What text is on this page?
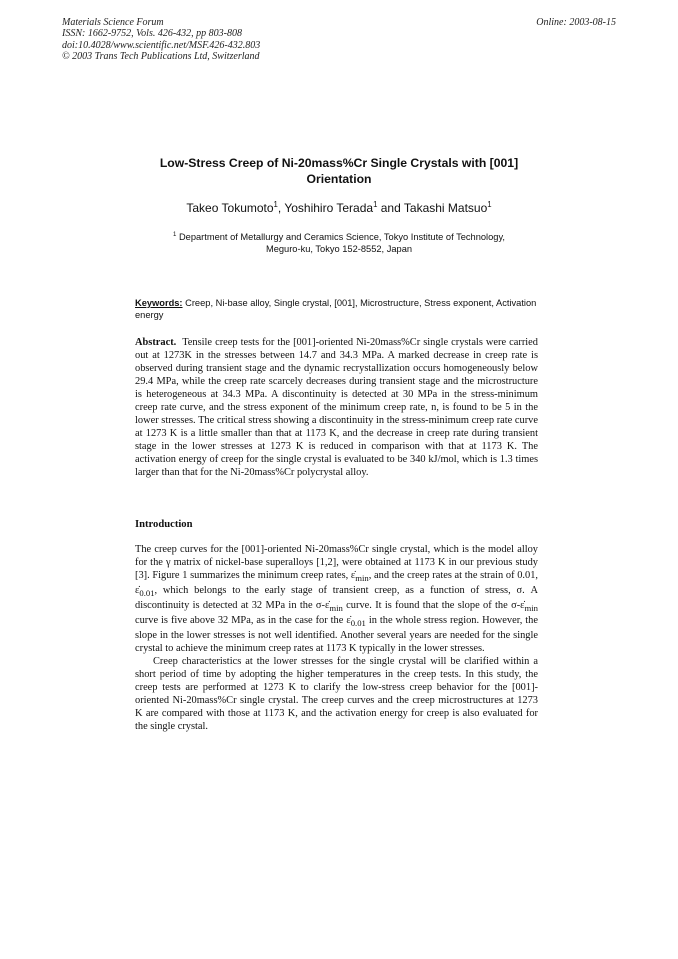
Materials Science Forum
ISSN: 1662-9752, Vols. 426-432, pp 803-808
doi:10.4028/www.scientific.net/MSF.426-432.803
© 2003 Trans Tech Publications Ltd, Switzerland
Online: 2003-08-15
Low-Stress Creep of Ni-20mass%Cr Single Crystals with [001]
Orientation
Takeo Tokumoto$^1$, Yoshihiro Terada$^1$ and Takashi Matsuo$^1$
$^1$ Department of Metallurgy and Ceramics Science, Tokyo Institute of Technology,
Meguro-ku, Tokyo 152-8552, Japan
Keywords: Creep, Ni-base alloy, Single crystal, [001], Microstructure, Stress exponent, Activation energy
Abstract. Tensile creep tests for the [001]-oriented Ni-20mass%Cr single crystals were carried out at 1273K in the stresses between 14.7 and 34.3 MPa. A marked decrease in creep rate is observed during transient stage and the dynamic recrystallization occurs homogeneously below 29.4 MPa, while the creep rate scarcely decreases during transient stage and the microstructure is heterogeneous at 34.3 MPa. A discontinuity is detected at 30 MPa in the stress-minimum creep rate curve, and the stress exponent of the minimum creep rate, n, is found to be 5 in the lower stresses. The critical stress showing a discontinuity in the stress-minimum creep rate curve at 1273 K is a little smaller than that at 1173 K, and the decrease in creep rate during transient stage in the lower stresses at 1273 K is reduced in comparison with that at 1173 K. The activation energy of creep for the single crystal is evaluated to be 340 kJ/mol, which is 1.3 times larger than that for the Ni-20mass%Cr polycrystal alloy.
Introduction

The creep curves for the [001]-oriented Ni-20mass%Cr single crystal, which is the model alloy for the γ matrix of nickel-base superalloys [1,2], were obtained at 1173 K in our previous study [3]. Figure 1 summarizes the minimum creep rates, $\varepsiloṅ_{min}$, and the creep rates at the strain of 0.01, $\varepsiloṅ_{0.01}$, which belongs to the early stage of transient creep, as a function of stress, σ. A discontinuity is detected at 32 MPa in the $\sigma-\varepsiloṅ_{min}$ curve. It is found that the slope of the $\sigma-\varepsiloṅ_{min}$ curve is five above 32 MPa, as in the case for the $\varepsiloṅ_{0.01}$ in the whole stress region. However, the slope in the lower stresses is not well identified. Another several years are needed for the single crystal to achieve the minimum creep rates at 1173 K typically in the lower stresses.

Creep characteristics at the lower stresses for the single crystal will be clarified within a short period of time by adopting the higher temperatures in the creep tests. In this study, the creep tests are performed at 1273 K to clarify the low-stress creep behavior for the [001]-oriented Ni-20mass%Cr single crystal. The creep curves and the creep microstructures at 1273 K are compared with those at 1173 K, and the activation energy for creep is also evaluated for the single crystal.
